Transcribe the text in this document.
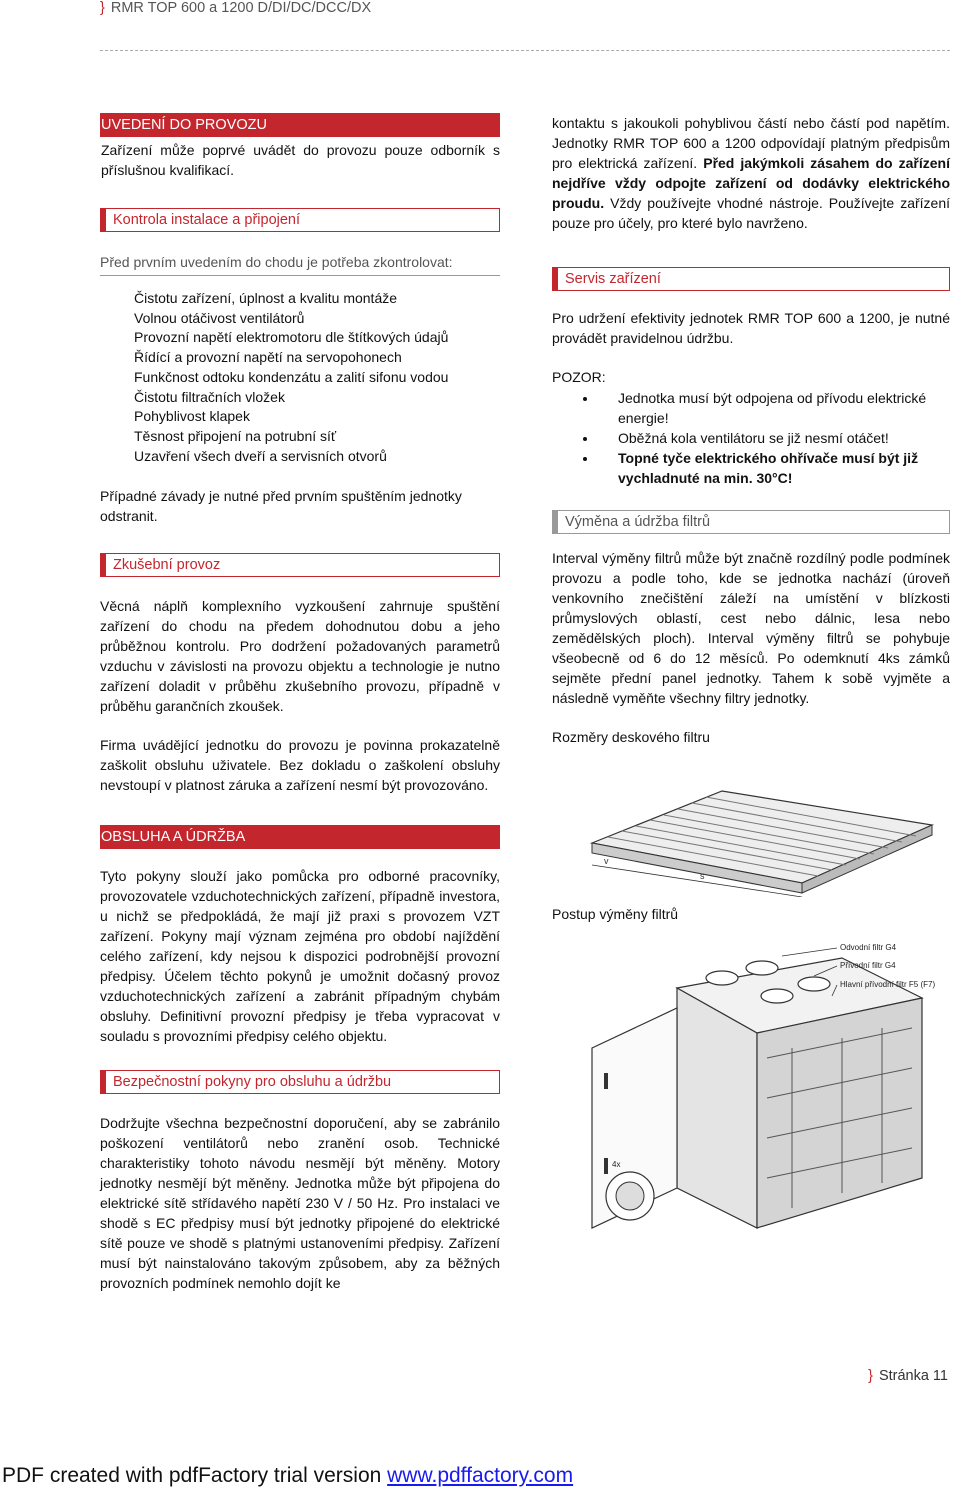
} RMR TOP 600 a 1200 D/DI/DC/DCC/DX
UVEDENÍ DO PROVOZU

Zařízení může poprvé uvádět do provozu pouze odborník s příslušnou kvalifikací.

Kontrola instalace a připojení

Před prvním uvedením do chodu je potřeba zkontrolovat:

Čistotu zařízení, úplnost a kvalitu montáže
Volnou otáčivost ventilátorů
Provozní napětí elektromotoru dle štítkových údajů
Řídící a provozní napětí na servopohonech
Funkčnost odtoku kondenzátu a zalití sifonu vodou
Čistotu filtračních vložek
Pohyblivost klapek
Těsnost připojení na potrubní síť
Uzavření všech dveří a servisních otvorů

Případné závady je nutné před prvním spuštěním jednotky odstranit.

Zkušební provoz

Věcná náplň komplexního vyzkoušení zahrnuje spuštění zařízení do chodu na předem dohodnutou dobu a jeho průběžnou kontrolu. Pro dodržení požadovaných parametrů vzduchu v závislosti na provozu objektu a technologie je nutno zařízení doladit v průběhu zkušebního provozu, případně v průběhu garančních zkoušek.

Firma uvádějící jednotku do provozu je povinna prokazatelně zaškolit obsluhu uživatele. Bez dokladu o zaškolení obsluhy nevstoupí v platnost záruka a zařízení nesmí být provozováno.

OBSLUHA A ÚDRŽBA

Tyto pokyny slouží jako pomůcka pro odborné pracovníky, provozovatele vzduchotechnických zařízení, případně investora, u nichž se předpokládá, že mají již praxi s provozem VZT zařízení. Pokyny mají význam zejména pro období najíždění celého zařízení, kdy nejsou k dispozici podrobnější provozní předpisy. Účelem těchto pokynů je umožnit dočasný provoz vzduchotechnických zařízení a zabránit případným chybám obsluhy. Definitivní provozní předpisy je třeba vypracovat v souladu s provozními předpisy celého objektu.

Bezpečnostní pokyny pro obsluhu a údržbu

Dodržujte všechna bezpečnostní doporučení, aby se zabránilo poškození ventilátorů nebo zranění osob. Technické charakteristiky tohoto návodu nesmějí být měněny. Motory jednotky nesmějí být měněny. Jednotka může být připojena do elektrické sítě střídavého napětí 230 V / 50 Hz. Pro instalaci ve shodě s EC předpisy musí být jednotky připojené do elektrické sítě pouze ve shodě s platnými ustanoveními předpisy. Zařízení musí být nainstalováno takovým způsobem, aby za běžných provozních podmínek nemohlo dojít ke

kontaktu s jakoukoli pohyblivou částí nebo částí pod napětím. Jednotky RMR TOP 600 a 1200 odpovídají platným předpisům pro elektrická zařízení. Před jakýmkoli zásahem do zařízení nejdříve vždy odpojte zařízení od dodávky elektrického proudu. Vždy používejte vhodné nástroje. Používejte zařízení pouze pro účely, pro které bylo navrženo.

Servis zařízení

Pro udržení efektivity jednotek RMR TOP 600 a 1200, je nutné provádět pravidelnou údržbu.

POZOR:

• Jednotka musí být odpojena od přívodu elektrické energie!
• Oběžná kola ventilátoru se již nesmí otáčet!
• Topné tyče elektrického ohřívače musí být již vychladnuté na min. 30°C!
Výměna a údržba filtrů

Interval výměny filtrů může být značně rozdílný podle podmínek provozu a podle toho, kde se jednotka nachází (úroveň venkovního znečištění záleží na umístění v blízkosti průmyslových oblastí, cest nebo dálnic, lesa nebo zemědělských ploch). Interval výměny filtrů se pohybuje všeobecně od 6 do 12 měsíců. Po odemknutí 4ks zámků sejměte přední panel jednotky. Tahem k sobě vyjměte a následně vyměňte všechny filtry jednotky.

Rozměry deskového filtru

v
s

Postup výměny filtrů

Odvodní filtr G4
Přívodní filtr G4
Hlavní přívodní filtr F5 (F7)
4x
} Stránka 11
PDF created with pdfFactory trial version www.pdffactory.com
